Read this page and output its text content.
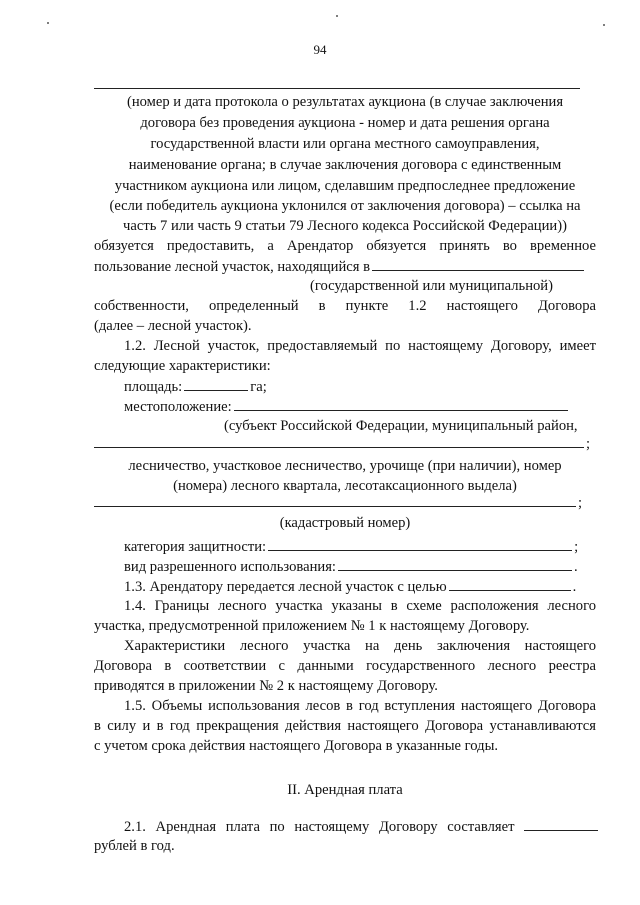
94
(номер и дата протокола о результатах аукциона (в случае заключения
договора без проведения аукциона - номер и дата решения органа
государственной власти или органа местного самоуправления,
наименование органа; в случае заключения договора с единственным
участником аукциона или лицом, сделавшим предпоследнее предложение
(если победитель аукциона уклонился от заключения договора) – ссылка на
часть 7 или часть 9 статьи 79 Лесного кодекса Российской Федерации))
обязуется предоставить, а Арендатор обязуется принять во временное
пользование лесной участок, находящийся в
(государственной или муниципальной)
собственности, определенный в пункте 1.2 настоящего Договора
(далее – лесной участок).
1.2. Лесной участок, предоставляемый по настоящему Договору, имеет
следующие характеристики:
площадь:	га;
местоположение:
(субъект Российской Федерации, муниципальный район,
;
лесничество, участковое лесничество, урочище (при наличии), номер
(номера) лесного квартала, лесотаксационного выдела)
;
(кадастровый номер)
категория защитности:	;
вид разрешенного использования:	.
1.3. Арендатору передается лесной участок с целью	.
1.4. Границы лесного участка указаны в схеме расположения лесного
участка, предусмотренной приложением № 1 к настоящему Договору.
Характеристики лесного участка на день заключения настоящего
Договора в соответствии с данными государственного лесного реестра
приводятся в приложении № 2 к настоящему Договору.
1.5. Объемы использования лесов в год вступления настоящего Договора
в силу и в год прекращения действия настоящего Договора устанавливаются
с учетом срока действия настоящего Договора в указанные годы.
II. Арендная плата
2.1. Арендная плата по настоящему Договору составляет
рублей в год.
